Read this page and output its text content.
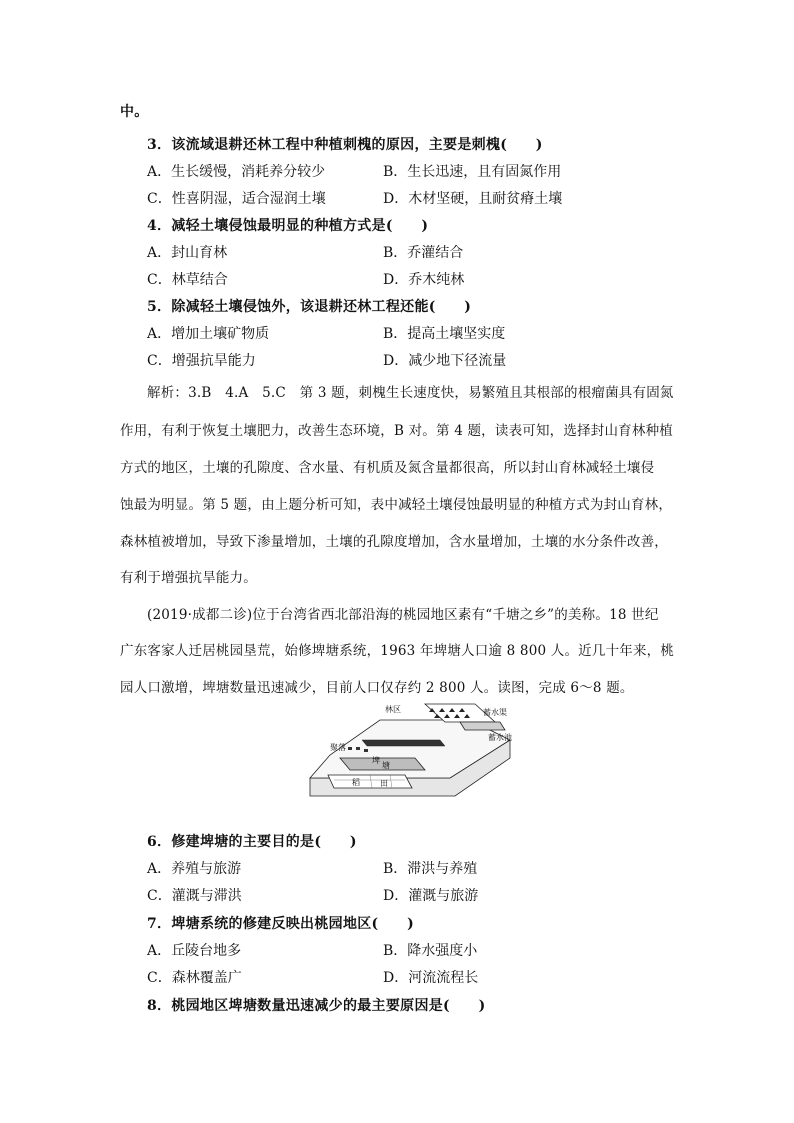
中。
3．该流域退耕还林工程中种植刺槐的原因，主要是刺槐(　　)
A．生长缓慢，消耗养分较少	B．生长迅速，且有固氮作用
C．性喜阴湿，适合湿润土壤	D．木材坚硬，且耐贫瘠土壤
4．减轻土壤侵蚀最明显的种植方式是(　　)
A．封山育林	B．乔灌结合
C．林草结合	D．乔木纯林
5．除减轻土壤侵蚀外，该退耕还林工程还能(　　)
A．增加土壤矿物质	B．提高土壤坚实度
C．增强抗旱能力	D．减少地下径流量
解析：3.B　4.A　5.C　第 3 题，刺槐生长速度快，易繁殖且其根部的根瘤菌具有固氮
作用，有利于恢复土壤肥力，改善生态环境，B 对。第 4 题，读表可知，选择封山育林种植
方式的地区，土壤的孔隙度、含水量、有机质及氮含量都很高，所以封山育林减轻土壤侵
蚀最为明显。第 5 题，由上题分析可知，表中减轻土壤侵蚀最明显的种植方式为封山育林，
森林植被增加，导致下渗量增加，土壤的孔隙度增加，含水量增加，土壤的水分条件改善，
有利于增强抗旱能力。
(2019·成都二诊)位于台湾省西北部沿海的桃园地区素有“千塘之乡”的美称。18 世纪
广东客家人迁居桃园垦荒，始修埤塘系统，1963 年埤塘人口逾 8 800 人。近几十年来，桃
园人口激增，埤塘数量迅速减少，目前人口仅存约 2 800 人。读图，完成 6～8 题。
林区	蓄水渠
蓄水池
聚落
埤
塘
稻	田
6．修建埤塘的主要目的是(　　)
A．养殖与旅游	B．滞洪与养殖
C．灌溉与滞洪	D．灌溉与旅游
7．埤塘系统的修建反映出桃园地区(　　)
A．丘陵台地多	B．降水强度小
C．森林覆盖广	D．河流流程长
8．桃园地区埤塘数量迅速减少的最主要原因是(　　)
